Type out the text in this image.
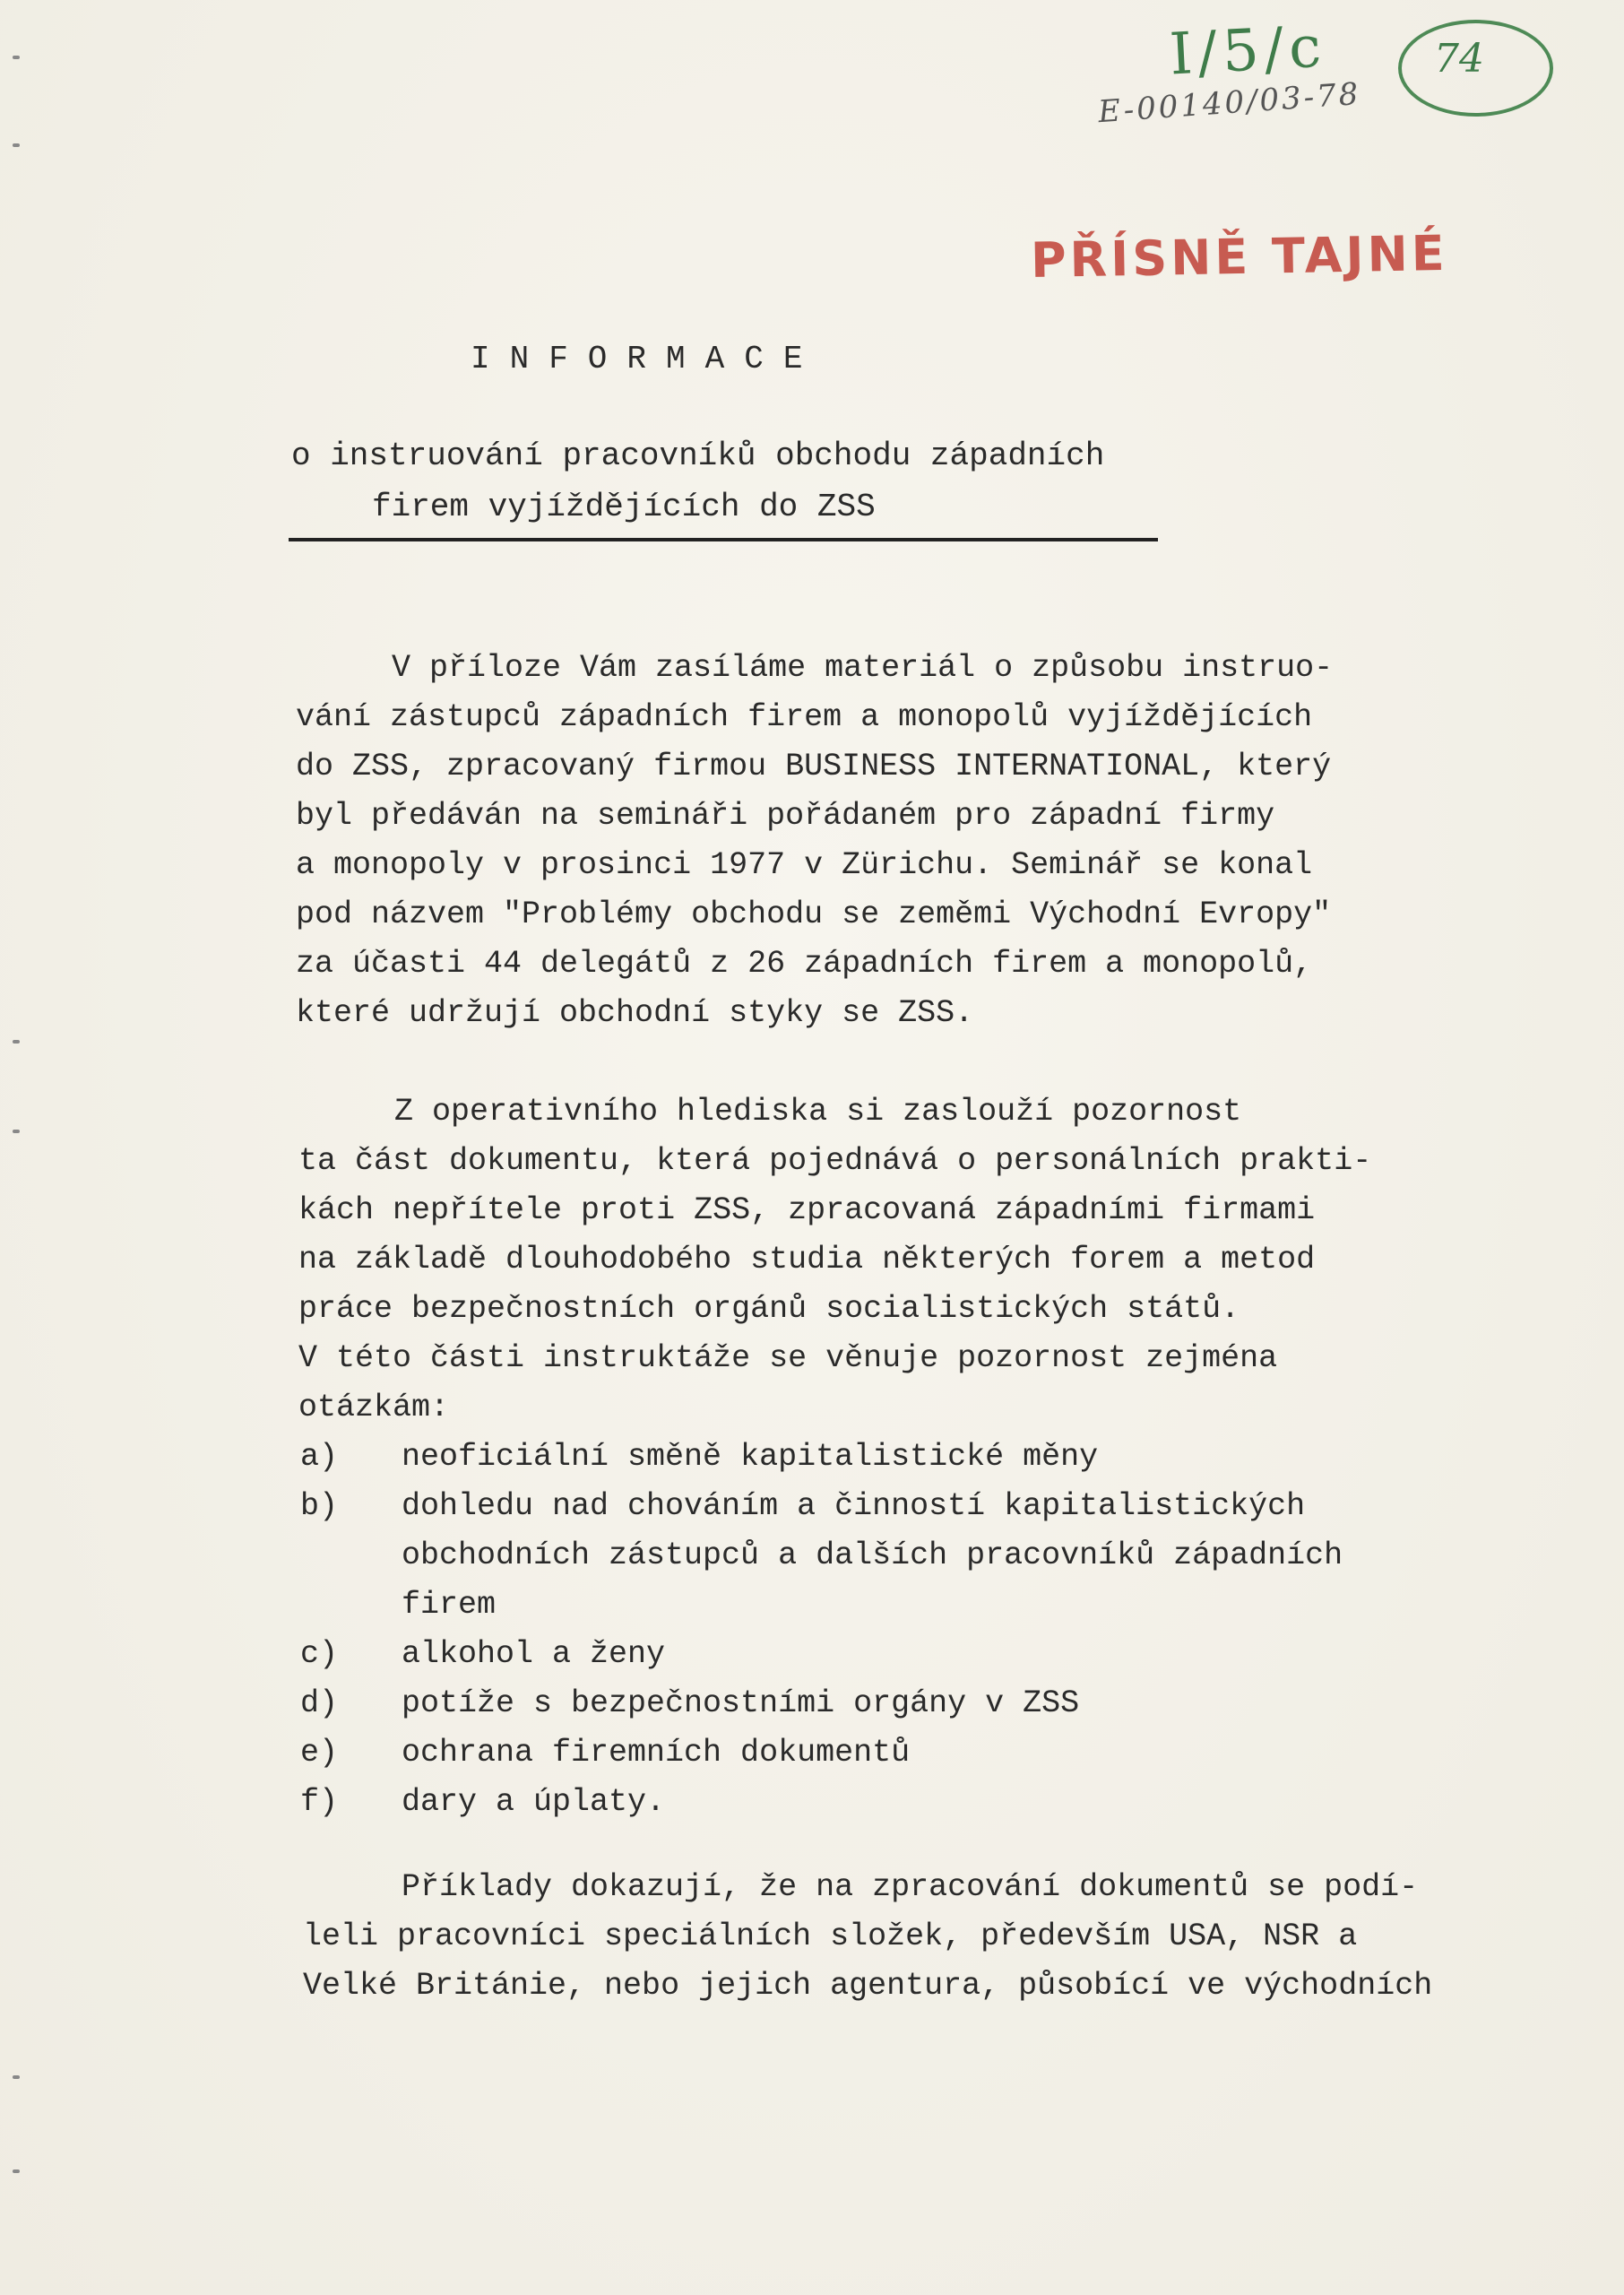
I/5/c
E-00140/03-78
74
PŘÍSNĚ TAJNÉ
INFORMACE
o instruování pracovníků obchodu západních
firem vyjíždějících do ZSS
V příloze Vám zasíláme materiál o způsobu instruo-
vání zástupců západních firem a monopolů vyjíždějících
do ZSS, zpracovaný firmou BUSINESS INTERNATIONAL, který
byl předáván na semináři pořádaném pro západní firmy
a monopoly v prosinci 1977 v Zürichu. Seminář se konal
pod názvem "Problémy obchodu se zeměmi Východní Evropy"
za účasti 44 delegátů z 26 západních firem a monopolů,
které udržují obchodní styky se ZSS.
Z operativního hlediska si zaslouží pozornost
ta část dokumentu, která pojednává o personálních prakti-
kách nepřítele proti ZSS, zpracovaná západními firmami
na základě dlouhodobého studia některých forem a metod
práce bezpečnostních orgánů socialistických států.
V této části instruktáže se věnuje pozornost zejména
otázkám:
a) neoficiální směně kapitalistické měny
b) dohledu nad chováním a činností kapitalistických
obchodních zástupců a dalších pracovníků západních
firem
c) alkohol a ženy
d) potíže s bezpečnostními orgány v ZSS
e) ochrana firemních dokumentů
f) dary a úplaty.
Příklady dokazují, že na zpracování dokumentů se podí-
leli pracovníci speciálních složek, především USA, NSR a
Velké Británie, nebo jejich agentura, působící ve východních
